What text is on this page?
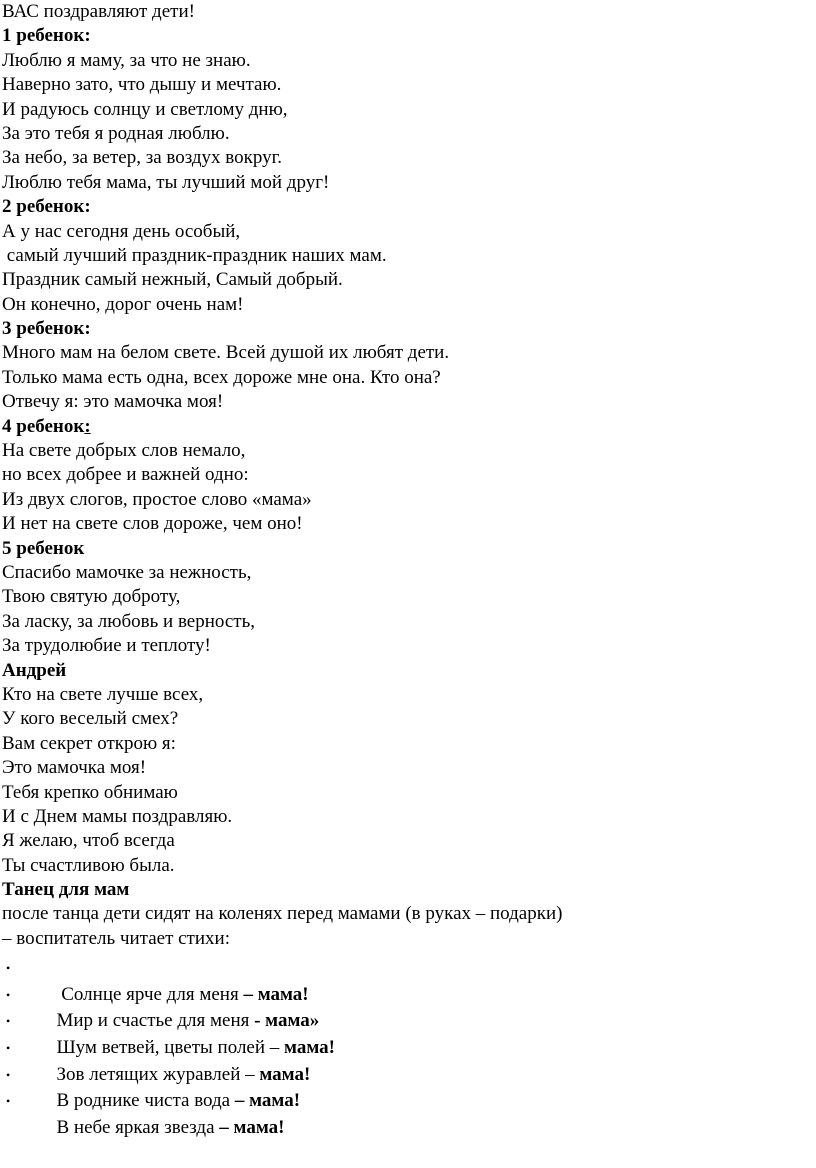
ВАС поздравляют дети!
1 ребенок:
Люблю я маму, за что не знаю.
Наверно зато, что дышу и мечтаю.
И радуюсь солнцу и светлому дню,
За это тебя я родная люблю.
За небо, за ветер, за воздух вокруг.
Люблю тебя мама, ты лучший мой друг!
2 ребенок:
А у нас сегодня день особый,
самый лучший праздник-праздник наших мам.
Праздник самый нежный, Самый добрый.
Он конечно, дорог очень нам!
3 ребенок:
Много мам на белом свете. Всей душой их любят дети.
Только мама есть одна, всех дороже мне она. Кто она?
Отвечу я: это мамочка моя!
4 ребенок:
На свете добрых слов немало,
но всех добрее и важней одно:
Из двух слогов, простое слово «мама»
И нет на свете слов дороже, чем оно!
5 ребенок
Спасибо мамочке за нежность,
Твою святую доброту,
За ласку, за любовь и верность,
За трудолюбие и теплоту!
Андрей
Кто на свете лучше всех,
У кого веселый смех?
Вам секрет открою я:
Это мамочка моя!
Тебя крепко обнимаю
И с Днем мамы поздравляю.
Я желаю, чтоб всегда
Ты счастливою была.
Танец для мам
после танца дети сидят на коленях перед мамами (в руках – подарки)
– воспитатель читает стихи:

•
Солнце ярче для меня – мама!

•
Мир и счастье для меня - мама»

•
Шум ветвей, цветы полей – мама!

•
Зов летящих журавлей – мама!

•
В роднике чиста вода – мама!

•
В небе яркая звезда – мама!
